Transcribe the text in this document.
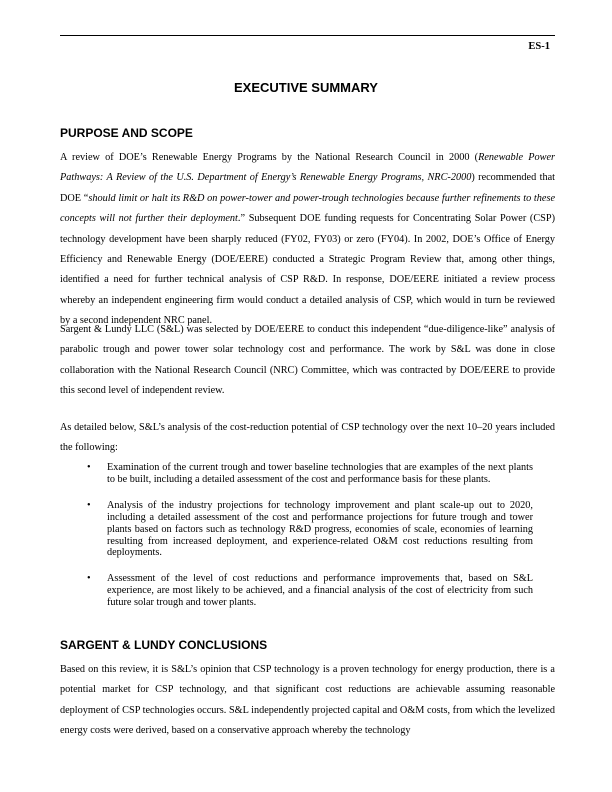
ES-1
EXECUTIVE SUMMARY
PURPOSE AND SCOPE

A review of DOE’s Renewable Energy Programs by the National Research Council in 2000 (Renewable Power Pathways: A Review of the U.S. Department of Energy’s Renewable Energy Programs, NRC-2000) recommended that DOE “should limit or halt its R&D on power-tower and power-trough technologies because further refinements to these concepts will not further their deployment.” Subsequent DOE funding requests for Concentrating Solar Power (CSP) technology development have been sharply reduced (FY02, FY03) or zero (FY04). In 2002, DOE’s Office of Energy Efficiency and Renewable Energy (DOE/EERE) conducted a Strategic Program Review that, among other things, identified a need for further technical analysis of CSP R&D. In response, DOE/EERE initiated a review process whereby an independent engineering firm would conduct a detailed analysis of CSP, which would in turn be reviewed by a second independent NRC panel.

Sargent & Lundy LLC (S&L) was selected by DOE/EERE to conduct this independent “due-diligence-like” analysis of parabolic trough and power tower solar technology cost and performance. The work by S&L was done in close collaboration with the National Research Council (NRC) Committee, which was contracted by DOE/EERE to provide this second level of independent review.

As detailed below, S&L’s analysis of the cost-reduction potential of CSP technology over the next 10–20 years included the following:

• Examination of the current trough and tower baseline technologies that are examples of the next plants to be built, including a detailed assessment of the cost and performance basis for these plants.
• Analysis of the industry projections for technology improvement and plant scale-up out to 2020, including a detailed assessment of the cost and performance projections for future trough and tower plants based on factors such as technology R&D progress, economies of scale, economies of learning resulting from increased deployment, and experience-related O&M cost reductions resulting from deployments.
• Assessment of the level of cost reductions and performance improvements that, based on S&L experience, are most likely to be achieved, and a financial analysis of the cost of electricity from such future solar trough and tower plants.
SARGENT & LUNDY CONCLUSIONS

Based on this review, it is S&L’s opinion that CSP technology is a proven technology for energy production, there is a potential market for CSP technology, and that significant cost reductions are achievable assuming reasonable deployment of CSP technologies occurs. S&L independently projected capital and O&M costs, from which the levelized energy costs were derived, based on a conservative approach whereby the technology
